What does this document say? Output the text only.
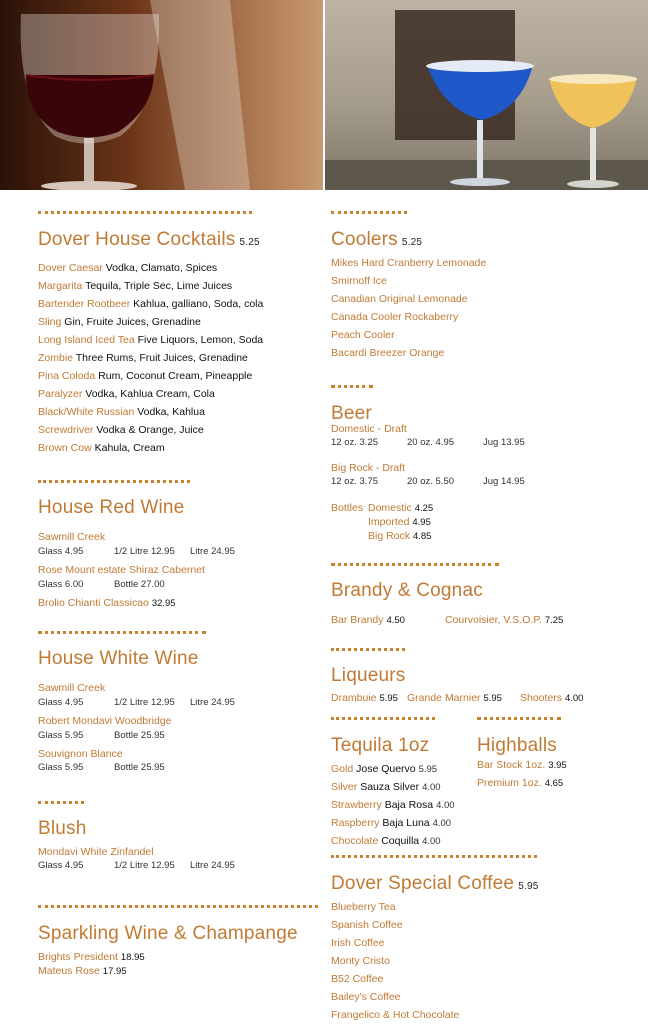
Dover House Cocktails 5.25
Dover Caesar Vodka, Clamato, Spices
Margarita Tequila, Triple Sec, Lime Juices
Bartender Rootbeer Kahlua, galliano, Soda, cola
Sling Gin, Fruite Juices, Grenadine
Long Island Iced Tea Five Liquors, Lemon, Soda
Zombie Three Rums, Fruit Juices, Grenadine
Pina Coloda Rum, Coconut Cream, Pineapple
Paralyzer Vodka, Kahlua Cream, Cola
Black/White Russian Vodka, Kahlua
Screwdriver Vodka & Orange, Juice
Brown Cow Kahula, Cream
House Red Wine
Sawmill Creek
Glass 4.95	1/2 Litre 12.95 Litre 24.95
Rose Mount estate Shiraz Cabernet
Glass 6.00	Bottle 27.00
Brolio Chianti Classicao 32.95
House White Wine
Sawmill Creek
Glass 4.95	1/2 Litre 12.95 Litre 24.95
Robert Mondavi Woodbridge
Glass 5.95	Bottle 25.95
Souvignon Blance
Glass 5.95	Bottle 25.95
Blush
Mondavi White Zinfandel
Glass 4.95	1/2 Litre 12.95 Litre 24.95
Sparkling Wine & Champange
Brights President 18.95
Mateus Rose 17.95
Coolers 5.25
Mikes Hard Cranberry Lemonade
Smirnoff Ice
Canadian Original Lemonade
Canada Cooler Rockaberry
Peach Cooler
Bacardi Breezer Orange
Beer
Domestic - Draft
12 oz. 3.25	20 oz. 4.95	Jug 13.95
Big Rock - Draft
12 oz. 3.75	20 oz. 5.50	Jug 14.95
Bottles Domestic 4.25
Imported 4.95
Big Rock 4.85
Brandy & Cognac
Bar Brandy 4.50	Courvoisier, V.S.O.P. 7.25
Liqueurs
Drambuie 5.95 Grande Marnier 5.95 Shooters 4.00
Tequila 1oz	Highballs
Gold Jose Quervo 5.95
Silver Sauza Silver 4.00
Strawberry Baja Rosa 4.00
Raspberry Baja Luna 4.00
Chocolate Coquilla 4.00
Bar Stock 1oz. 3.95
Premium 1oz. 4.65
Dover Special Coffee 5.95
Blueberry Tea
Spanish Coffee
Irish Coffee
Monty Cristo
B52 Coffee
Bailey's Coffee
Frangelico & Hot Chocolate
